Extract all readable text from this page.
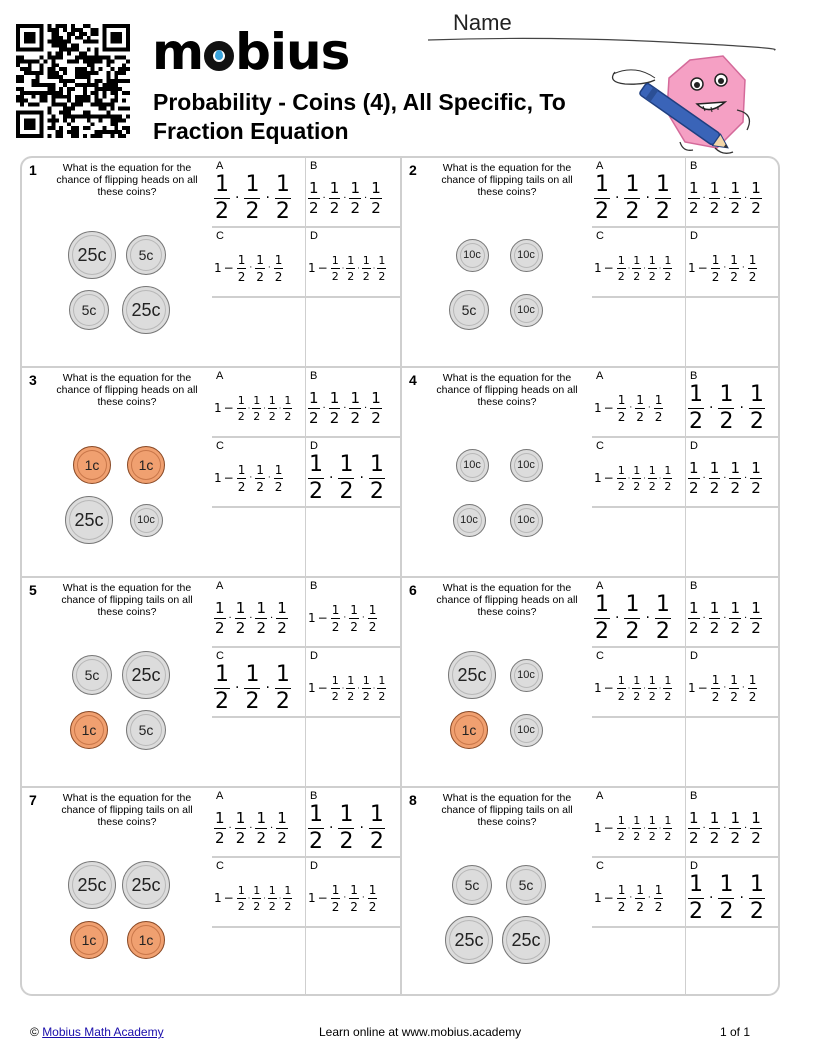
m bius
Probability - Coins (4), All Specific, To Fraction Equation
Name
1	What is the equation for the chance of flipping heads on all these coins?
25c 5c
5c 25c
A
$\frac{1}{2} \cdot \frac{1}{2} \cdot \frac{1}{2}$
B
$\frac{1}{2} \cdot \frac{1}{2} \cdot \frac{1}{2} \cdot \frac{1}{2}$
C
$1 - \frac{1}{2} \cdot \frac{1}{2} \cdot \frac{1}{2}$
D
$1 - \frac{1}{2} \cdot \frac{1}{2} \cdot \frac{1}{2} \cdot \frac{1}{2}$
2	What is the equation for the chance of flipping tails on all these coins?
10c	10c
5c	10c
A
$\frac{1}{2} \cdot \frac{1}{2} \cdot \frac{1}{2}$
B
$\frac{1}{2} \cdot \frac{1}{2} \cdot \frac{1}{2} \cdot \frac{1}{2}$
C
$1 - \frac{1}{2} \cdot \frac{1}{2} \cdot \frac{1}{2} \cdot \frac{1}{2}$
D
$1 - \frac{1}{2} \cdot \frac{1}{2} \cdot \frac{1}{2}$
3	What is the equation for the chance of flipping heads on all these coins?
1c	1c
25c	10c
A
$1 - \frac{1}{2} \cdot \frac{1}{2} \cdot \frac{1}{2} \cdot \frac{1}{2}$
B
$\frac{1}{2} \cdot \frac{1}{2} \cdot \frac{1}{2} \cdot \frac{1}{2}$
C
$1 - \frac{1}{2} \cdot \frac{1}{2} \cdot \frac{1}{2}$
D
$\frac{1}{2} \cdot \frac{1}{2} \cdot \frac{1}{2}$
4	What is the equation for the chance of flipping heads on all these coins?
10c	10c
10c	10c
A
$1 - \frac{1}{2} \cdot \frac{1}{2} \cdot \frac{1}{2}$
B
$\frac{1}{2} \cdot \frac{1}{2} \cdot \frac{1}{2}$
C
$1 - \frac{1}{2} \cdot \frac{1}{2} \cdot \frac{1}{2} \cdot \frac{1}{2}$
D
$\frac{1}{2} \cdot \frac{1}{2} \cdot \frac{1}{2} \cdot \frac{1}{2}$
5	What is the equation for the chance of flipping tails on all these coins?
5c 25c
1c	5c
A
$\frac{1}{2} \cdot \frac{1}{2} \cdot \frac{1}{2} \cdot \frac{1}{2}$
B
$1 - \frac{1}{2} \cdot \frac{1}{2} \cdot \frac{1}{2}$
C
$\frac{1}{2} \cdot \frac{1}{2} \cdot \frac{1}{2}$
D
$1 - \frac{1}{2} \cdot \frac{1}{2} \cdot \frac{1}{2} \cdot \frac{1}{2}$
6	What is the equation for the chance of flipping heads on all these coins?
25c	10c
1c	10c
A
$\frac{1}{2} \cdot \frac{1}{2} \cdot \frac{1}{2}$
B
$\frac{1}{2} \cdot \frac{1}{2} \cdot \frac{1}{2} \cdot \frac{1}{2}$
C
$1 - \frac{1}{2} \cdot \frac{1}{2} \cdot \frac{1}{2} \cdot \frac{1}{2}$
D
$1 - \frac{1}{2} \cdot \frac{1}{2} \cdot \frac{1}{2}$
7	What is the equation for the chance of flipping tails on all these coins?
25c 25c
1c	1c
A
$\frac{1}{2} \cdot \frac{1}{2} \cdot \frac{1}{2} \cdot \frac{1}{2}$
B
$\frac{1}{2} \cdot \frac{1}{2} \cdot \frac{1}{2}$
C
$1 - \frac{1}{2} \cdot \frac{1}{2} \cdot \frac{1}{2} \cdot \frac{1}{2}$
D
$1 - \frac{1}{2} \cdot \frac{1}{2} \cdot \frac{1}{2}$
8	What is the equation for the chance of flipping tails on all these coins?
5c	5c
25c 25c
A
$1 - \frac{1}{2} \cdot \frac{1}{2} \cdot \frac{1}{2} \cdot \frac{1}{2}$
B
$\frac{1}{2} \cdot \frac{1}{2} \cdot \frac{1}{2} \cdot \frac{1}{2}$
C
$1 - \frac{1}{2} \cdot \frac{1}{2} \cdot \frac{1}{2}$
D
$\frac{1}{2} \cdot \frac{1}{2} \cdot \frac{1}{2}$
© Mobius Math Academy	Learn online at www.mobius.academy	1 of 1
